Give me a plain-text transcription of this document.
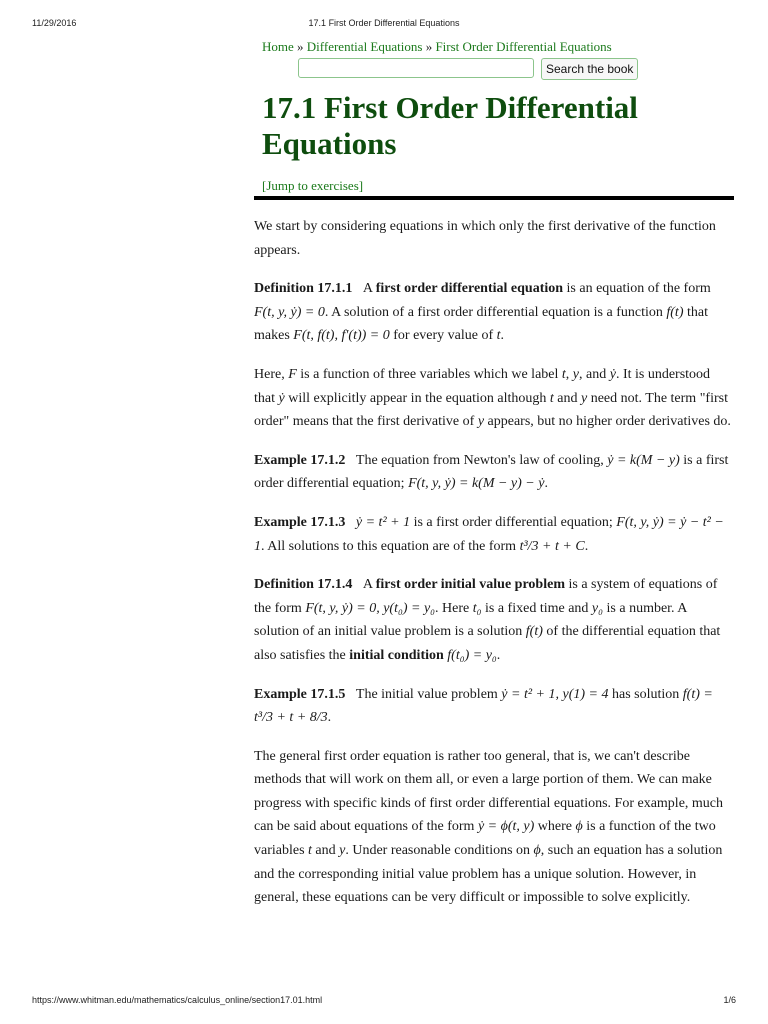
11/29/2016	17.1 First Order Differential Equations
Home » Differential Equations » First Order Differential Equations
Search the book
17.1 First Order Differential Equations
[Jump to exercises]

We start by considering equations in which only the first derivative of the function appears.

Definition 17.1.1 A first order differential equation is an equation of the form F(t, y, ẏ) = 0. A solution of a first order differential equation is a function f(t) that makes F(t, f(t), f′(t)) = 0 for every value of t.

Here, F is a function of three variables which we label t, y, and ẏ. It is understood that ẏ will explicitly appear in the equation although t and y need not. The term "first order" means that the first derivative of y appears, but no higher order derivatives do.

Example 17.1.2 The equation from Newton's law of cooling, ẏ = k(M − y) is a first order differential equation; F(t, y, ẏ) = k(M − y) − ẏ.

Example 17.1.3 ẏ = t² + 1 is a first order differential equation; F(t, y, ẏ) = ẏ − t² − 1. All solutions to this equation are of the form t³/3 + t + C.

Definition 17.1.4 A first order initial value problem is a system of equations of the form F(t, y, ẏ) = 0, y(t₀) = y₀. Here t₀ is a fixed time and y₀ is a number. A solution of an initial value problem is a solution f(t) of the differential equation that also satisfies the initial condition f(t₀) = y₀.

Example 17.1.5 The initial value problem ẏ = t² + 1, y(1) = 4 has solution f(t) = t³/3 + t + 8/3.

The general first order equation is rather too general, that is, we can't describe methods that will work on them all, or even a large portion of them. We can make progress with specific kinds of first order differential equations. For example, much can be said about equations of the form ẏ = ϕ(t, y) where ϕ is a function of the two variables t and y. Under reasonable conditions on ϕ, such an equation has a solution and the corresponding initial value problem has a unique solution. However, in general, these equations can be very difficult or impossible to solve explicitly.

https://www.whitman.edu/mathematics/calculus_online/section17.01.html	1/6
